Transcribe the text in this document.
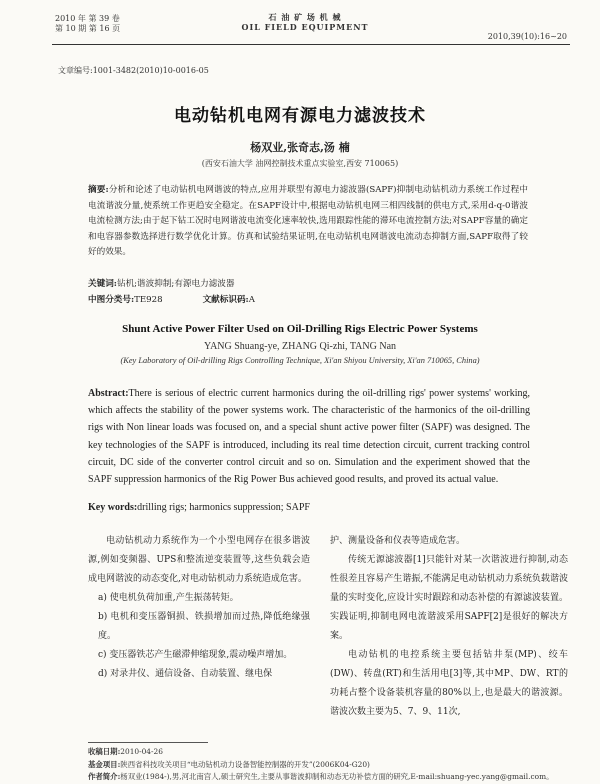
2010 年 第 39 卷
第 10 期 第 16 页
石 油 矿 场 机 械
OIL FIELD EQUIPMENT
2010,39(10):16~20
文章编号:1001-3482(2010)10-0016-05
电动钻机电网有源电力滤波技术
杨双业,张奇志,汤 楠
(西安石油大学 油网控制技术重点实验室,西安 710065)
摘要:分析和论述了电动钻机电网谐波的特点,应用并联型有源电力滤波器(SAPF)抑制电动钻机动力系统工作过程中电流谐波分量,使系统工作更趋安全稳定。在SAPF设计中,根据电动钻机电网三相四线制的供电方式,采用d-q-0谐波电流检测方法;由于起下钻工况时电网谐波电流变化速率较快,选用跟踪性能的滞环电流控制方法;对SAPF容量的确定和电容器参数选择进行数学优化计算。仿真和试验结果证明,在电动钻机电网谐波电流动态抑制方面,SAPF取得了较好的效果。
关键词:钻机;谐波抑制;有源电力滤波器
中图分类号:TE928	文献标识码:A
Shunt Active Power Filter Used on Oil-Drilling Rigs Electric Power Systems
YANG Shuang-ye, ZHANG Qi-zhi, TANG Nan
(Key Laboratory of Oil-drilling Rigs Controlling Technique, Xi'an Shiyou University, Xi'an 710065, China)
Abstract:There is serious of electric current harmonics during the oil-drilling rigs' power systems' working, which affects the stability of the power systems work. The characteristic of the harmonics of the oil-drilling rigs with Non linear loads was focused on, and a special shunt active power filter (SAPF) was designed. The key technologies of the SAPF is introduced, including its real time detection circuit, current tracking control circuit, DC side of the converter control circuit and so on. Simulation and the experiment showed that the SAPF suppression harmonics of the Rig Power Bus achieved good results, and proved its actual value.
Key words:drilling rigs; harmonics suppression; SAPF

电动钻机动力系统作为一个小型电网存在很多谐波源,例如变频器、UPS和整流逆变装置等,这些负载会造成电网谐波的动态变化,对电动钻机动力系统造成危害。

a) 使电机负荷加重,产生振荡转矩。

b) 电机和变压器铜损、铁损增加而过热,降低绝缘强度。

c) 变压器铁芯产生磁滞伸缩现象,震动噪声增加。

d) 对录井仪、通信设备、自动装置、继电保

护、测量设备和仪表等造成危害。

传统无源滤波器[1]只能针对某一次谐波进行抑制,动态性很差且容易产生谐振,不能满足电动钻机动力系统负载谐波量的实时变化,应设计实时跟踪和动态补偿的有源滤波装置。实践证明,抑制电网电流谐波采用SAPF[2]是很好的解决方案。

电动钻机的电控系统主要包括钻井泵(MP)、绞车(DW)、转盘(RT)和生活用电[3]等,其中MP、DW、RT的功耗占整个设备装机容量的80%以上,也是最大的谐波源。谐波次数主要为5、7、9、11次,

收稿日期:2010-04-26
基金项目:陕西省科技攻关项目“电动钻机动力设备智能控制器的开发”(2006K04-G20)
作者简介:杨双业(1984-),男,河北南宫人,硕士研究生,主要从事谐波抑制和动态无功补偿方面的研究,E-mail:shuang-yec.yang@gmail.com。
